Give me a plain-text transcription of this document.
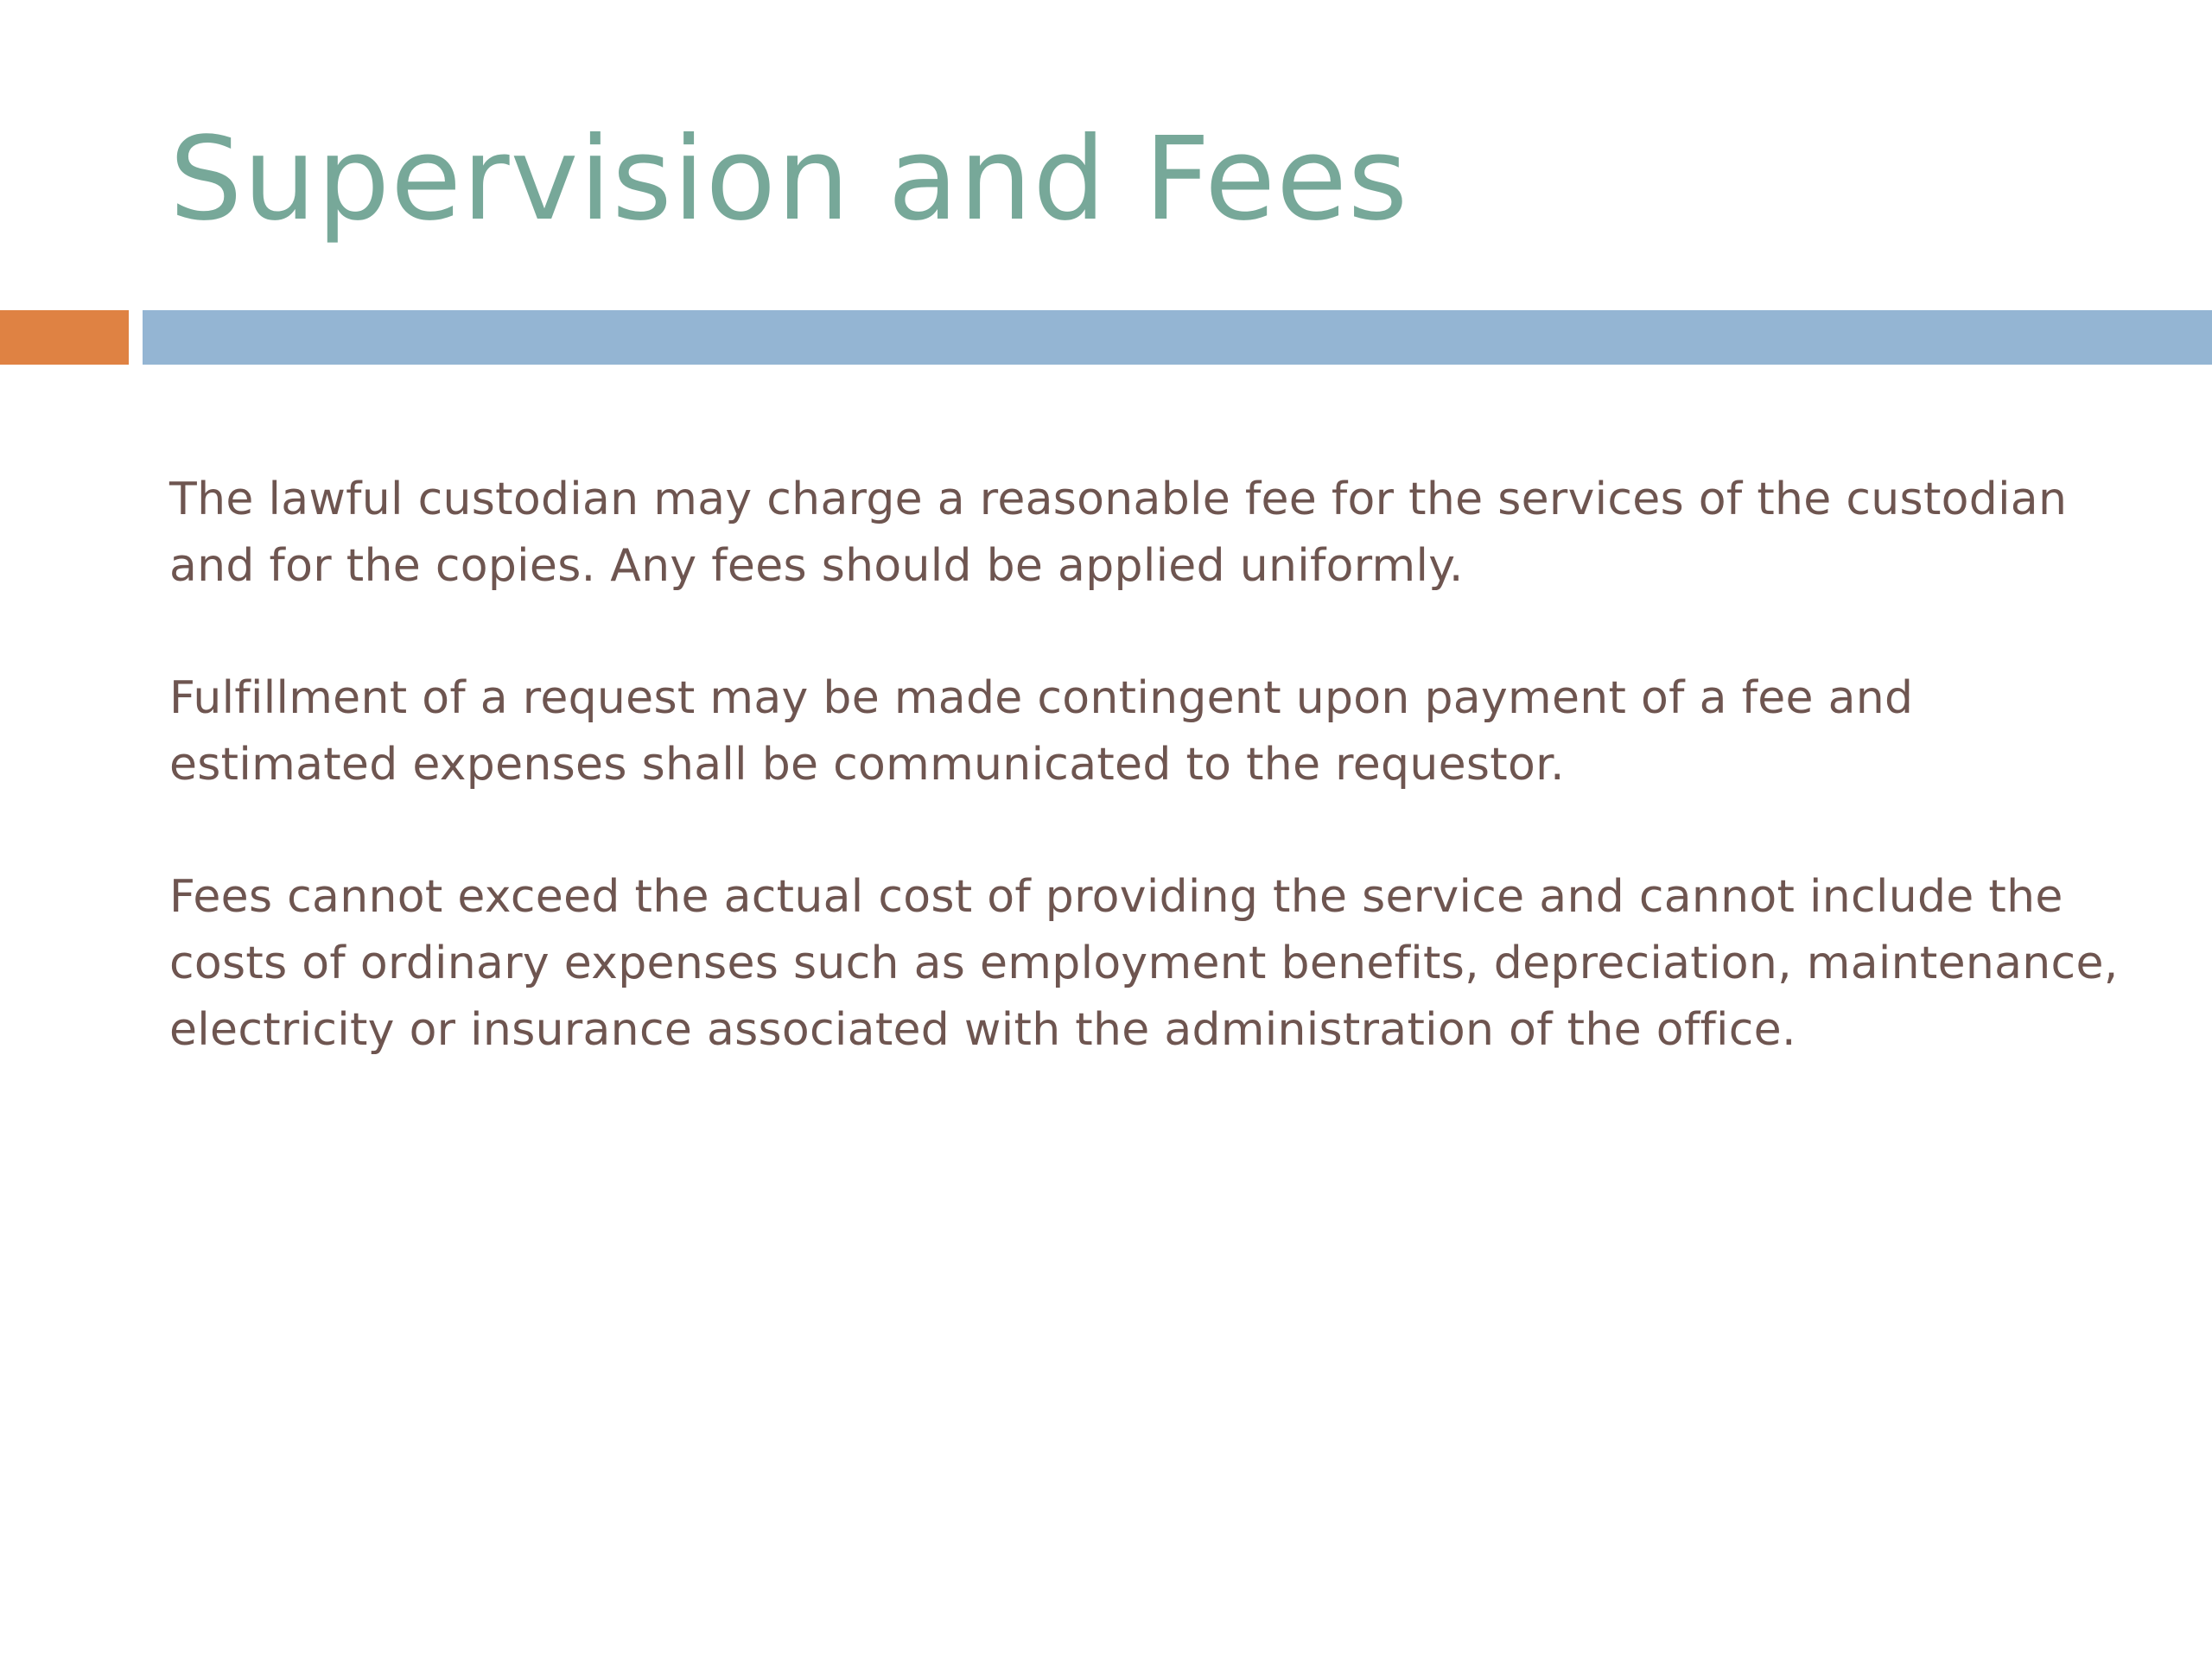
Supervision and Fees

The lawful custodian may charge a reasonable fee for the services of the custodian and for the copies. Any fees should be applied uniformly.

Fulfillment of a request may be made contingent upon payment of a fee and estimated expenses shall be communicated to the requestor.

Fees cannot exceed the actual cost of providing the service and cannot include the costs of ordinary expenses such as employment benefits, depreciation, maintenance, electricity or insurance associated with the administration of the office.
